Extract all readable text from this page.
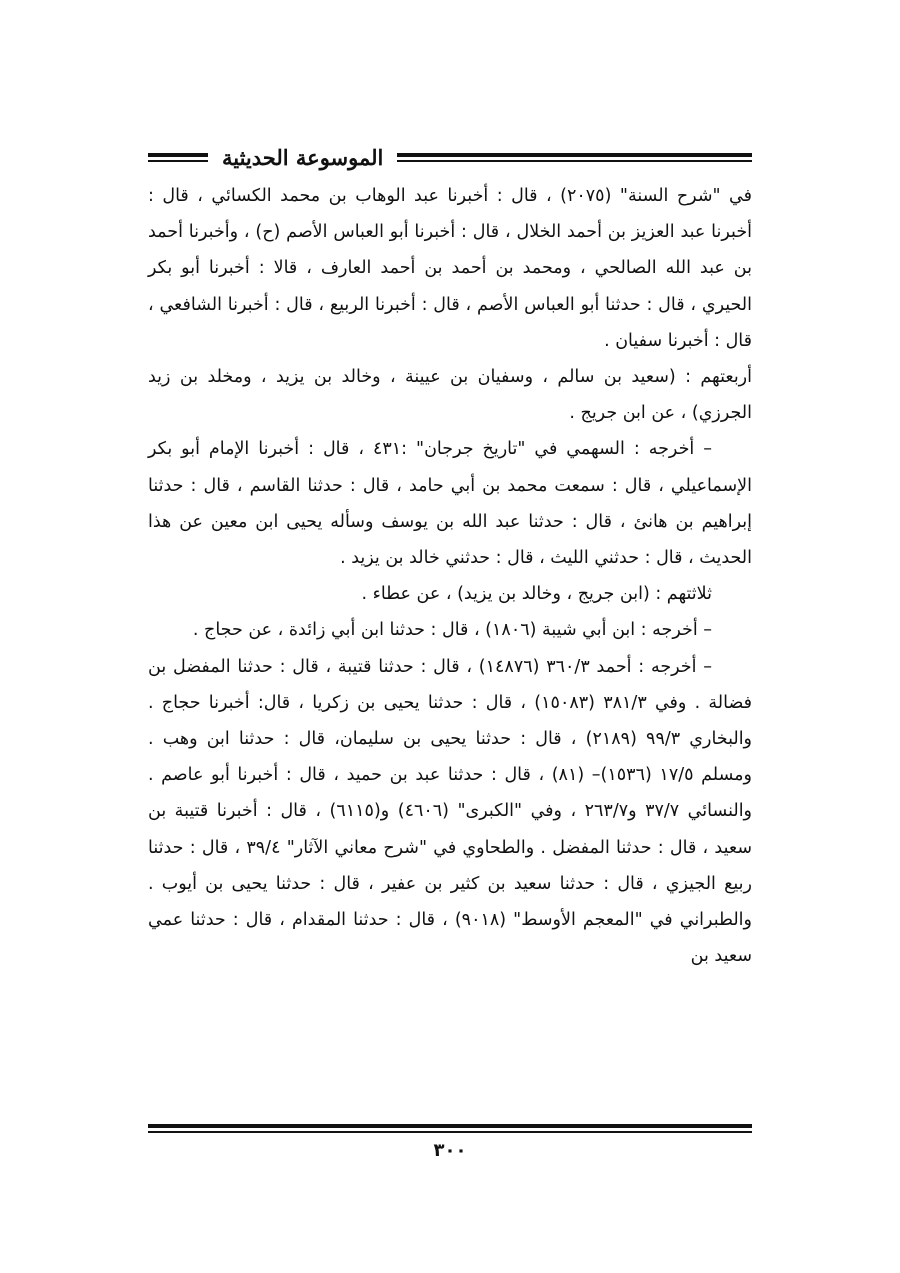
الموسوعة الحديثية

في "شرح السنة" (٢٠٧٥) ، قال : أخبرنا عبد الوهاب بن محمد الكسائي ، قال : أخبرنا عبد العزيز بن أحمد الخلال ، قال : أخبرنا أبو العباس الأصم (ح) ، وأخبرنا أحمد بن عبد الله الصالحي ، ومحمد بن أحمد بن أحمد العارف ، قالا : أخبرنا أبو بكر الحيري ، قال : حدثنا أبو العباس الأصم ، قال : أخبرنا الربيع ، قال : أخبرنا الشافعي ، قال : أخبرنا سفيان .

أربعتهم : (سعيد بن سالم ، وسفيان بن عيينة ، وخالد بن يزيد ، ومخلد بن زيد الجرزي) ، عن ابن جريج .

– أخرجه : السهمي في "تاريخ جرجان" :٤٣١ ، قال : أخبرنا الإمام أبو بكر الإسماعيلي ، قال : سمعت محمد بن أبي حامد ، قال : حدثنا القاسم ، قال : حدثنا إبراهيم بن هانئ ، قال : حدثنا عبد الله بن يوسف وسأله يحيى ابن معين عن هذا الحديث ، قال : حدثني الليث ، قال : حدثني خالد بن يزيد .

ثلاثتهم : (ابن جريج ، وخالد بن يزيد) ، عن عطاء .

– أخرجه : ابن أبي شيبة (١٨٠٦) ، قال : حدثنا ابن أبي زائدة ، عن حجاج .

– أخرجه : أحمد ٣٦٠/٣ (١٤٨٧٦) ، قال : حدثنا قتيبة ، قال : حدثنا المفضل بن فضالة . وفي ٣٨١/٣ (١٥٠٨٣) ، قال : حدثنا يحيى بن زكريا ، قال: أخبرنا حجاج . والبخاري ٩٩/٣ (٢١٨٩) ، قال : حدثنا يحيى بن سليمان، قال : حدثنا ابن وهب . ومسلم ١٧/٥ (١٥٣٦)– (٨١) ، قال : حدثنا عبد بن حميد ، قال : أخبرنا أبو عاصم . والنسائي ٣٧/٧ و٢٦٣/٧ ، وفي "الكبرى" (٤٦٠٦) و(٦١١٥) ، قال : أخبرنا قتيبة بن سعيد ، قال : حدثنا المفضل . والطحاوي في "شرح معاني الآثار" ٣٩/٤ ، قال : حدثنا ربيع الجيزي ، قال : حدثنا سعيد بن كثير بن عفير ، قال : حدثنا يحيى بن أيوب . والطبراني في "المعجم الأوسط" (٩٠١٨) ، قال : حدثنا المقدام ، قال : حدثنا عمي سعيد بن

٣٠٠
